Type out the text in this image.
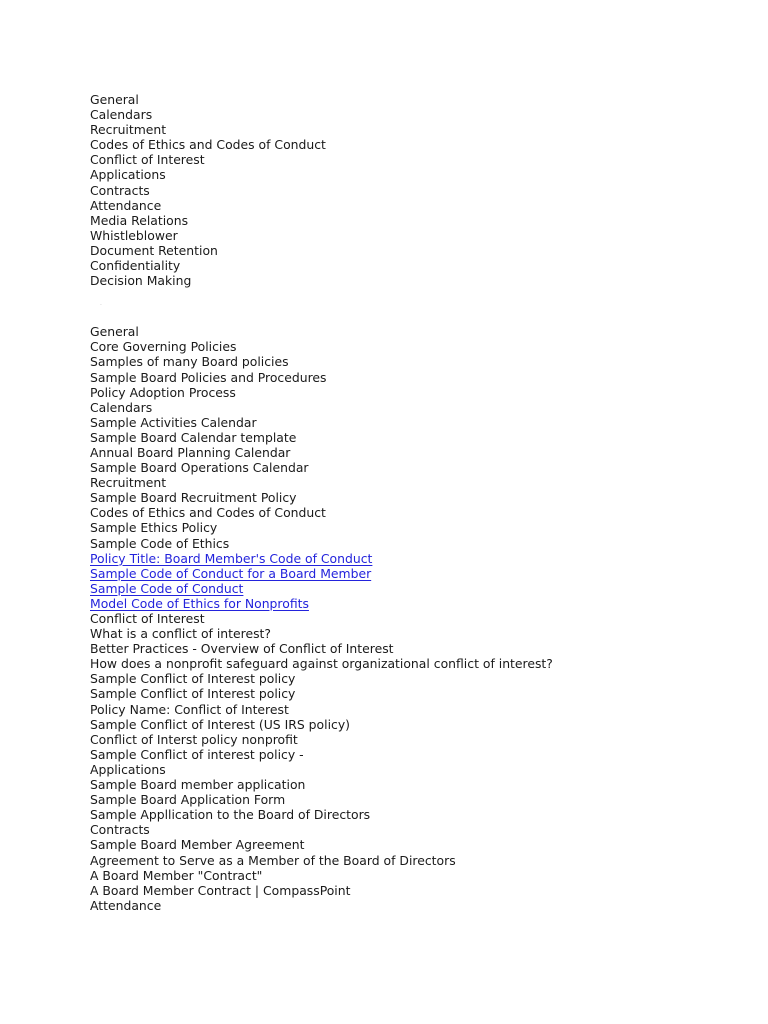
General
Calendars
Recruitment
Codes of Ethics and Codes of Conduct
Conflict of Interest
Applications
Contracts
Attendance
Media Relations
Whistleblower
Document Retention
Confidentiality
Decision Making
.
General
Core Governing Policies
Samples of many Board policies
Sample Board Policies and Procedures
Policy Adoption Process
Calendars
Sample Activities Calendar
Sample Board Calendar template
Annual Board Planning Calendar
Sample Board Operations Calendar
Recruitment
Sample Board Recruitment Policy
Codes of Ethics and Codes of Conduct
Sample Ethics Policy
Sample Code of Ethics
Policy Title: Board Member's Code of Conduct
Sample Code of Conduct for a Board Member
Sample Code of Conduct
Model Code of Ethics for Nonprofits
Conflict of Interest
What is a conflict of interest?
Better Practices - Overview of Conflict of Interest
How does a nonprofit safeguard against organizational conflict of interest?
Sample Conflict of Interest policy
Sample Conflict of Interest policy
Policy Name: Conflict of Interest
Sample Conflict of Interest (US IRS policy)
Conflict of Interst policy nonprofit
Sample Conflict of interest policy -
Applications
Sample Board member application
Sample Board Application Form
Sample Appllication to the Board of Directors
Contracts
Sample Board Member Agreement
Agreement to Serve as a Member of the Board of Directors
A Board Member "Contract"
A Board Member Contract | CompassPoint
Attendance
